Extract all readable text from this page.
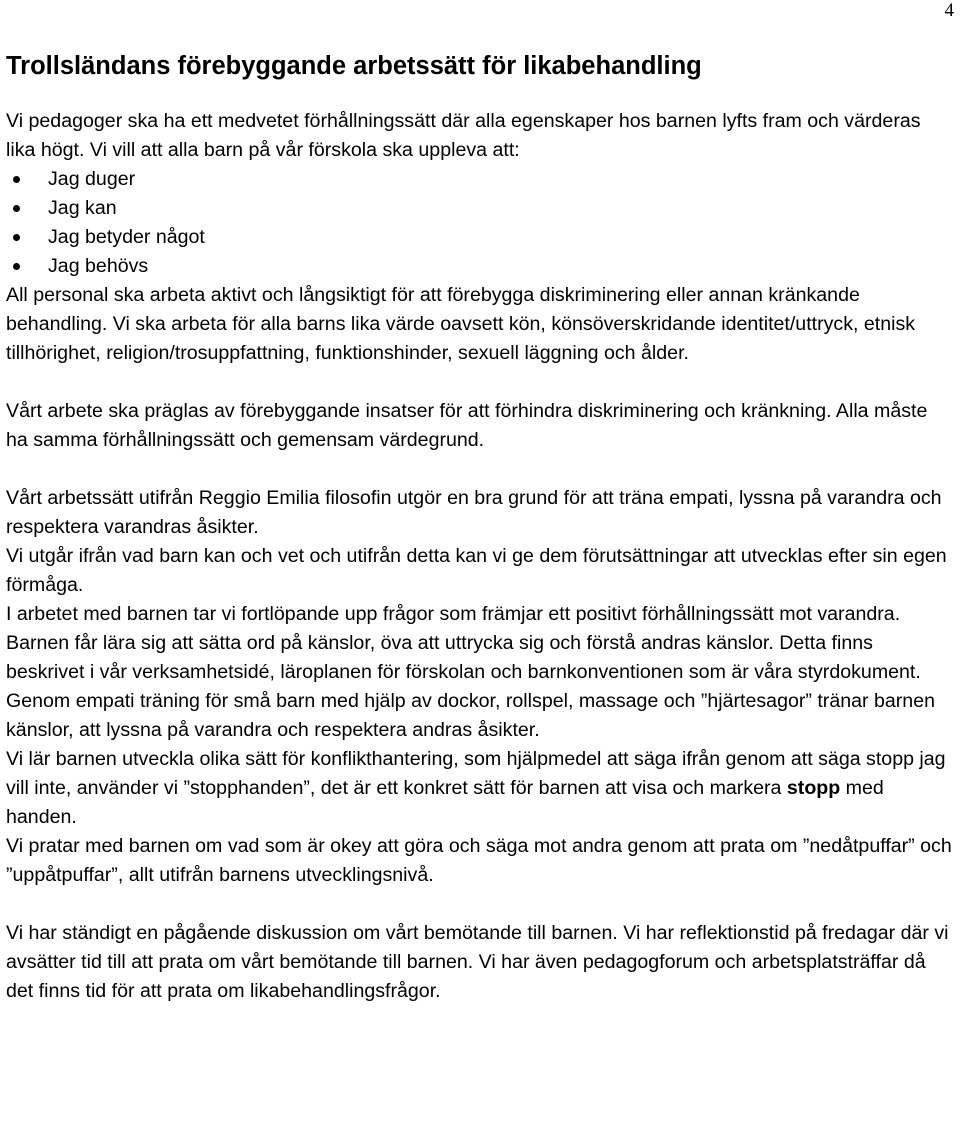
4
Trollsländans förebyggande arbetssätt för likabehandling

Vi pedagoger ska ha ett medvetet förhållningssätt där alla egenskaper hos barnen lyfts fram och värderas lika högt. Vi vill att alla barn på vår förskola ska uppleva att:

Jag duger
Jag kan
Jag betyder något
Jag behövs

All personal ska arbeta aktivt och långsiktigt för att förebygga diskriminering eller annan kränkande behandling. Vi ska arbeta för alla barns lika värde oavsett kön, könsöverskridande identitet/uttryck, etnisk tillhörighet, religion/trosuppfattning, funktionshinder, sexuell läggning och ålder.

Vårt arbete ska präglas av förebyggande insatser för att förhindra diskriminering och kränkning. Alla måste ha samma förhållningssätt och gemensam värdegrund.

Vårt arbetssätt utifrån Reggio Emilia filosofin utgör en bra grund för att träna empati, lyssna på varandra och respektera varandras åsikter.

Vi utgår ifrån vad barn kan och vet och utifrån detta kan vi ge dem förutsättningar att utvecklas efter sin egen förmåga.

I arbetet med barnen tar vi fortlöpande upp frågor som främjar ett positivt förhållningssätt mot varandra. Barnen får lära sig att sätta ord på känslor, öva att uttrycka sig och förstå andras känslor. Detta finns beskrivet i vår verksamhetsidé, läroplanen för förskolan och barnkonventionen som är våra styrdokument.

Genom empati träning för små barn med hjälp av dockor, rollspel, massage och ”hjärtesagor” tränar barnen känslor, att lyssna på varandra och respektera andras åsikter.

Vi lär barnen utveckla olika sätt för konflikthantering, som hjälpmedel att säga ifrån genom att säga stopp jag vill inte, använder vi ”stopphanden”, det är ett konkret sätt för barnen att visa och markera stopp med handen.

Vi pratar med barnen om vad som är okey att göra och säga mot andra genom att prata om ”nedåtpuffar” och ”uppåtpuffar”, allt utifrån barnens utvecklingsnivå.

Vi har ständigt en pågående diskussion om vårt bemötande till barnen. Vi har reflektionstid på fredagar där vi avsätter tid till att prata om vårt bemötande till barnen. Vi har även pedagogforum och arbetsplatsträffar då det finns tid för att prata om likabehandlingsfrågor.
